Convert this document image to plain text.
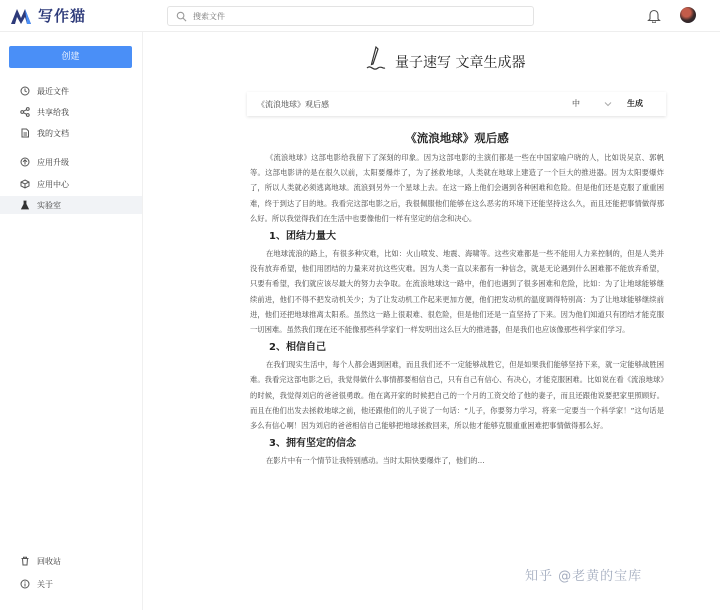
写作猫
搜索文件
创建
最近文件
共享给我
我的文档
应用升级
应用中心
实验室
回收站
关于
量子速写 文章生成器
《流浪地球》观后感
中	生成
《流浪地球》观后感

《流浪地球》这部电影给我留下了深刻的印象。因为这部电影的主演们都是一些在中国家喻户晓的人，比如说吴京、郭帆等。这部电影讲的是在很久以前，太阳要爆炸了，为了拯救地球，人类就在地球上建造了一个巨大的推进器。因为太阳要爆炸了，所以人类就必须逃离地球。流浪到另外一个星球上去。在这一路上他们会遇到各种困难和危险。但是他们还是克服了重重困难，终于到达了目的地。我看完这部电影之后，我很佩服他们能够在这么恶劣的环境下还能坚持这么久，而且还能把事情做得那么好。所以我觉得我们在生活中也要像他们一样有坚定的信念和决心。

1、团结力量大

在地球流浪的路上，有很多种灾难，比如：火山喷发、地震、海啸等。这些灾难都是一些不能用人力来控制的，但是人类并没有放弃希望，他们用团结的力量来对抗这些灾难。因为人类一直以来都有一种信念，就是无论遇到什么困难都不能放弃希望，只要有希望，我们就应该尽最大的努力去争取。在流浪地球这一路中，他们也遇到了很多困难和危险，比如：为了让地球能够继续前进，他们不得不把发动机关少；为了让发动机工作起来更加方便，他们把发动机的温度调得特别高：为了让地球能够继续前进，他们还把地球推离太阳系。虽然这一路上很艰难、很危险，但是他们还是一直坚持了下来。因为他们知道只有团结才能克服一切困难。虽然我们现在还不能像那些科学家们一样发明出这么巨大的推进器，但是我们也应该像那些科学家们学习。

2、相信自己

在我们现实生活中，每个人都会遇到困难，而且我们还不一定能够战胜它，但是如果我们能够坚持下来，就一定能够战胜困难。我看完这部电影之后，我觉得做什么事情都要相信自己，只有自己有信心、有决心，才能克服困难。比如说在看《流浪地球》的时候，我觉得刘启的爸爸很勇敢。他在离开家的时候把自己的一个月的工资交给了他的妻子，而且还跟他说要把家里照顾好。而且在他们出发去拯救地球之前，他还跟他们的儿子说了一句话：“儿子，你要努力学习，将来一定要当一个科学家！”这句话是多么有信心啊！因为刘启的爸爸相信自己能够把地球拯救回来，所以他才能够克服重重困难把事情做得那么好。

3、拥有坚定的信念

在影片中有一个情节让我特别感动。当时太阳快要爆炸了，他们的...

知乎 @老黄的宝库
